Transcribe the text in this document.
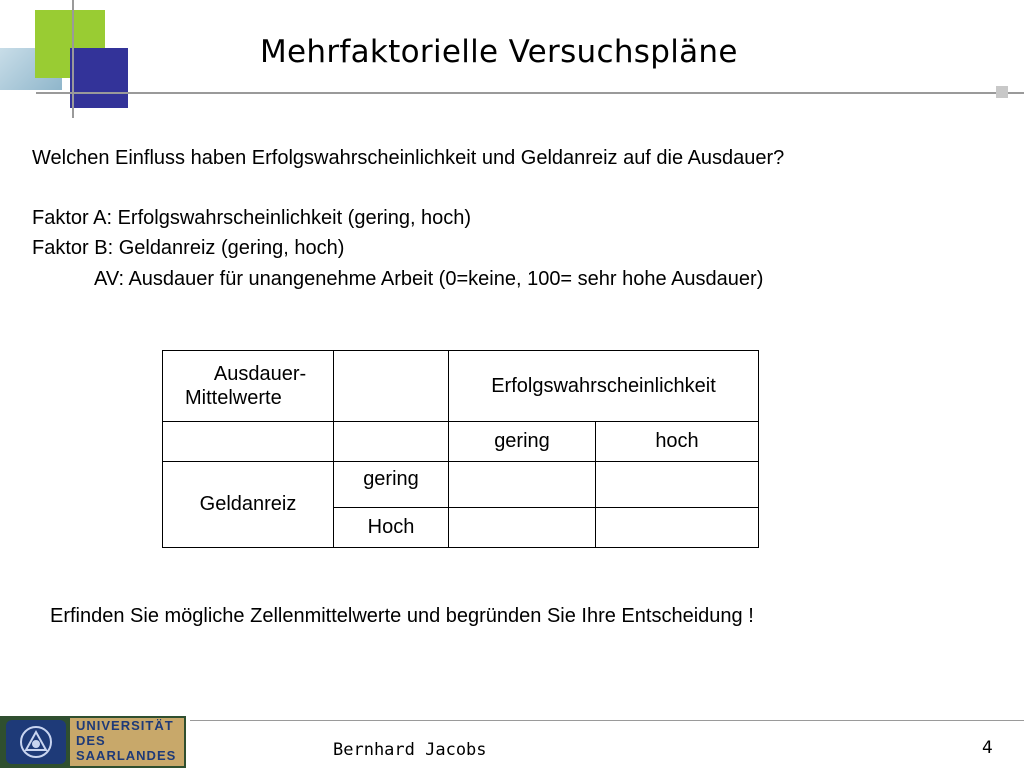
Mehrfaktorielle Versuchspläne
Welchen Einfluss haben Erfolgswahrscheinlichkeit und Geldanreiz auf die Ausdauer?
Faktor A: Erfolgswahrscheinlichkeit (gering, hoch)
Faktor B: Geldanreiz (gering, hoch)
AV: Ausdauer für unangenehme Arbeit (0=keine, 100= sehr hohe Ausdauer)
Ausdauer-
Mittelwerte		Erfolgswahrscheinlichkeit	
		gering	hoch
Geldanreiz	gering		
	Hoch		
Erfinden Sie mögliche Zellenmittelwerte und begründen Sie Ihre Entscheidung !
UNIVERSITÄT
DES
SAARLANDES	Bernhard Jacobs	4
